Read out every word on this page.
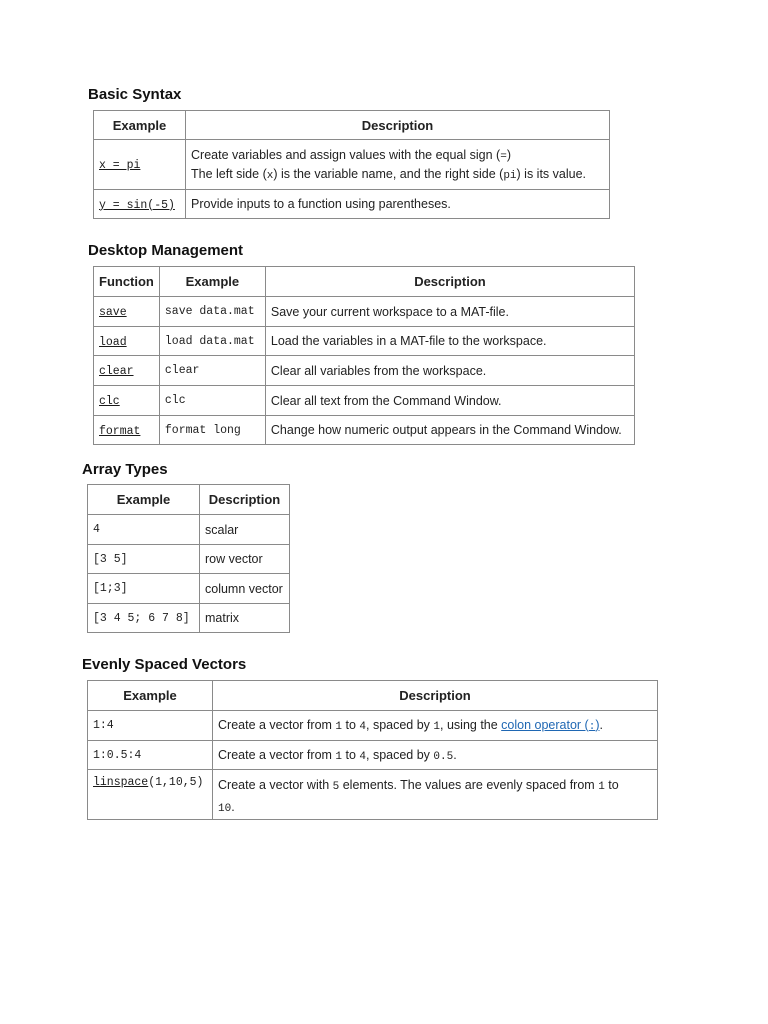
Basic Syntax
Example	Description
x = pi	Create variables and assign values with the equal sign (=)
The left side (x) is the variable name, and the right side (pi) is its value.

y = sin(-5)	Provide inputs to a function using parentheses.
Desktop Management
Function	Example	Description
save	save data.mat	Save your current workspace to a MAT-file.
load	load data.mat	Load the variables in a MAT-file to the workspace.
clear	clear	Clear all variables from the workspace.
clc	clc	Clear all text from the Command Window.
format	format long	Change how numeric output appears in the Command Window.
Array Types
Example	Description
4	scalar
[3 5]	row vector
[1;3]	column vector
[3 4 5; 6 7 8]	matrix
Evenly Spaced Vectors
Example	Description
1:4	Create a vector from 1 to 4, spaced by 1, using the colon operator (:).
1:0.5:4	Create a vector from 1 to 4, spaced by 0.5.
linspace(1,10,5)	Create a vector with 5 elements. The values are evenly spaced from 1 to
10.
